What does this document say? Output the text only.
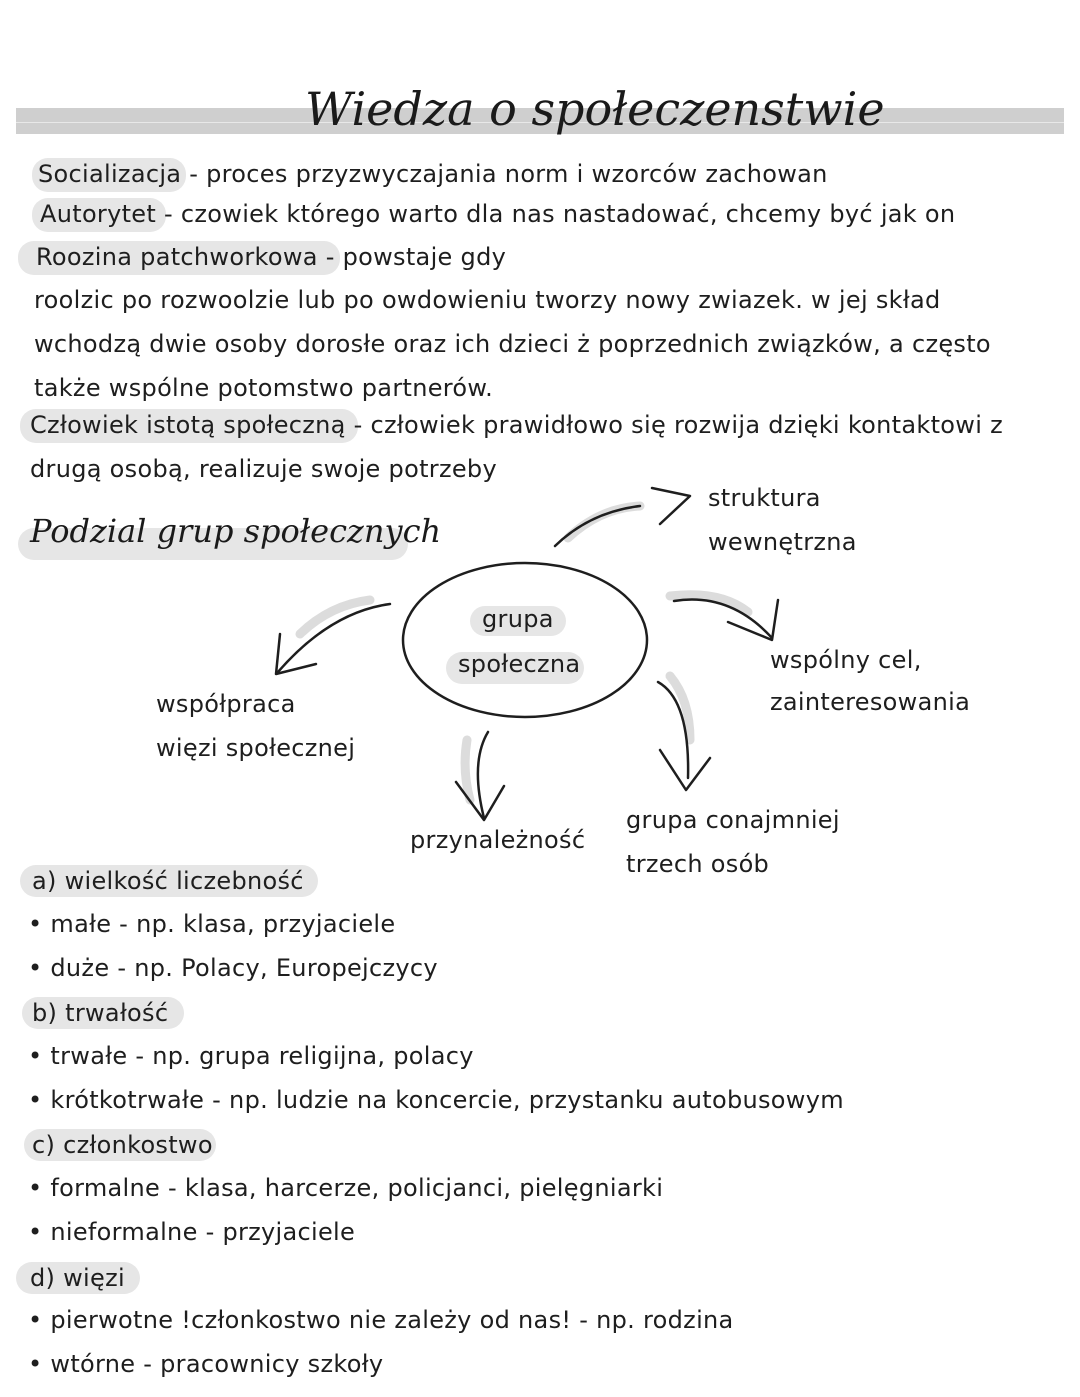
Wiedza o społeczenstwie
Socializacja - proces przyzwyczajania norm i wzorców zachowan
Autorytet - czowiek którego warto dla nas nastadować, chcemy być jak on
Roozina patchworkowa - powstaje gdy
roolzic po rozwoolzie lub po owdowieniu tworzy nowy zwiazek. w jej skład
wchodzą dwie osoby dorosłe oraz ich dzieci ż poprzednich związków, a często
także wspólne potomstwo partnerów.
Człowiek istotą społeczną - człowiek prawidłowo się rozwija dzięki kontaktowi z
drugą osobą, realizuje swoje potrzeby
Podzial grup społecznych
grupa
społeczna
struktura
wewnętrzna
wspólny cel,
zainteresowania
współpraca
więzi społecznej
przynależność
grupa conajmniej
trzech osób
a) wielkość liczebność
• małe - np. klasa, przyjaciele
• duże - np. Polacy, Europejczycy
b) trwałość
• trwałe - np. grupa religijna, polacy
• krótkotrwałe - np. ludzie na koncercie, przystanku autobusowym
c) członkostwo
• formalne - klasa, harcerze, policjanci, pielęgniarki
• nieformalne - przyjaciele
d) więzi
• pierwotne !członkostwo nie zależy od nas! - np. rodzina
• wtórne - pracownicy szkoły
